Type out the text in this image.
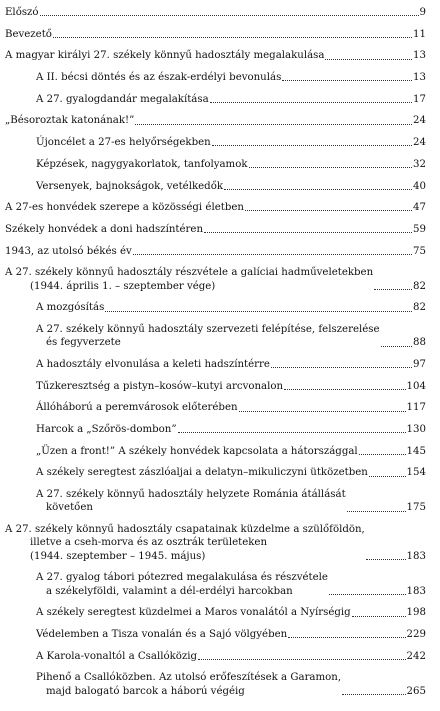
Előszó	9
Bevezető	11
A magyar királyi 27. székely könnyű hadosztály megalakulása	13
A II. bécsi döntés és az észak-erdélyi bevonulás	13
A 27. gyalogdandár megalakítása	17
„Bésoroztak katonának!”	24
Újoncélet a 27-es helyőrségekben	24
Képzések, nagygyakorlatok, tanfolyamok	32
Versenyek, bajnokságok, vetélkedők	40
A 27-es honvédek szerepe a közösségi életben	47
Székely honvédek a doni hadszíntéren	59
1943, az utolsó békés év	75
A 27. székely könnyű hadosztály részvétele a galíciai hadműveletekben
(1944. április 1. – szeptember vége)	82
A mozgósítás	82
A 27. székely könnyű hadosztály szervezeti felépítése, felszerelése
és fegyverzete	88
A hadosztály elvonulása a keleti hadszíntérre	97
Tűzkeresztség a pistyn–kosów–kutyi arcvonalon	104
Állóháború a peremvárosok előterében	117
Harcok a „Szőrös-dombon”	130
„Üzen a front!” A székely honvédek kapcsolata a hátországgal	145
A székely seregtest zászlóaljai a delatyn–mikuliczyni ütközetben	154
A 27. székely könnyű hadosztály helyzete Románia átállását
követően	175
A 27. székely könnyű hadosztály csapatainak küzdelme a szülőföldön,
illetve a cseh-morva és az osztrák területeken
(1944. szeptember – 1945. május)	183
A 27. gyalog tábori pótezred megalakulása és részvétele
a székelyföldi, valamint a dél-erdélyi harcokban	183
A székely seregtest küzdelmei a Maros vonalától a Nyírségig	198
Védelemben a Tisza vonalán és a Sajó völgyében	229
A Karola-vonaltól a Csallóközig	242
Pihenő a Csallóközben. Az utolsó erőfeszítések a Garamon,
majd balogató barcok a háború végéig	265
